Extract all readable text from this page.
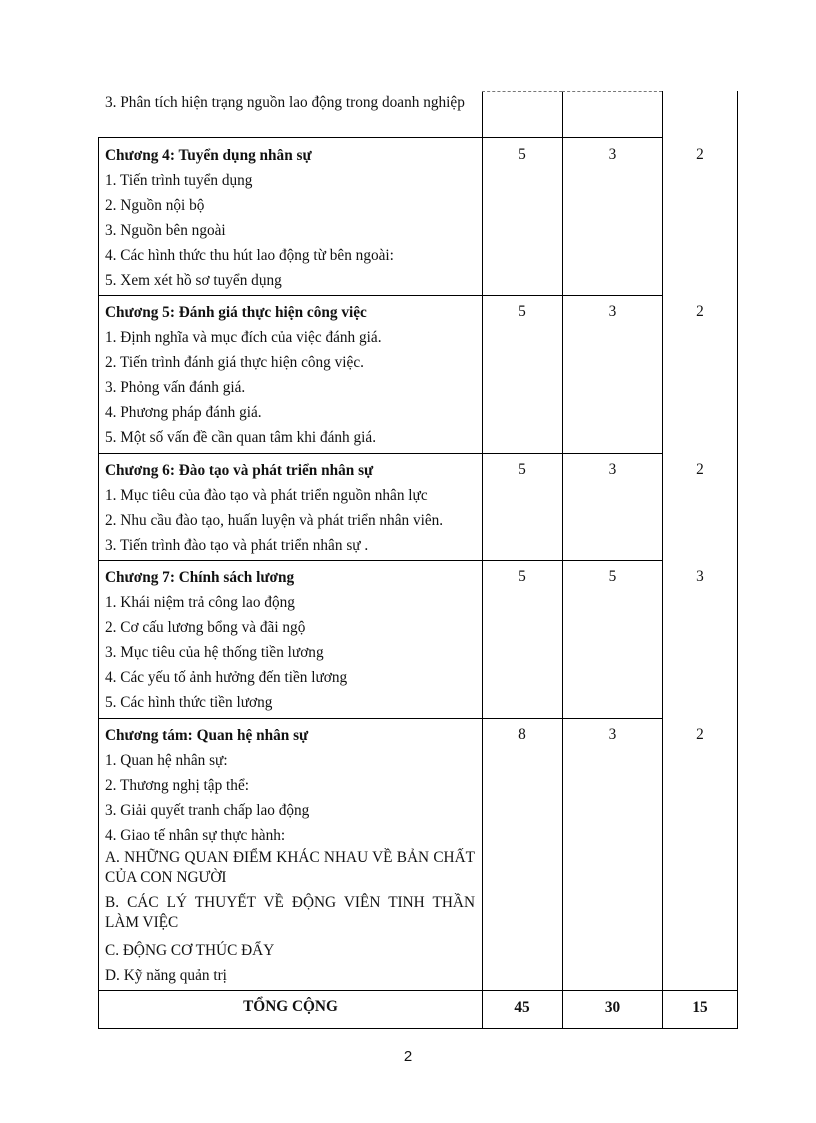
3. Phân tích hiện trạng nguồn lao động trong doanh nghiệp
Chương 4: Tuyển dụng nhân sự
1. Tiến trình tuyển dụng
2. Nguồn nội bộ
3. Nguồn bên ngoài
4. Các hình thức thu hút lao động từ bên ngoài:
5. Xem xét hồ sơ tuyển dụng
5	3	2
Chương 5: Đánh giá thực hiện công việc
1. Định nghĩa và mục đích của việc đánh giá.
2. Tiến trình đánh giá thực hiện công việc.
3. Phỏng vấn đánh giá.
4. Phương pháp đánh giá.
5. Một số vấn đề cần quan tâm khi đánh giá.
5	3	2
Chương 6: Đào tạo và phát triển nhân sự
1. Mục tiêu của đào tạo và phát triển nguồn nhân lực
2. Nhu cầu đào tạo, huấn luyện và phát triển nhân viên.
3. Tiến trình đào tạo và phát triển nhân sự .
5	3	2
Chương 7: Chính sách lương
1. Khái niệm trả công lao động
2. Cơ cấu lương bổng và đãi ngộ
3. Mục tiêu của hệ thống tiền lương
4. Các yếu tố ảnh hưởng đến tiền lương
5. Các hình thức tiền lương
5	5	3
Chương tám: Quan hệ nhân sự
1. Quan hệ nhân sự:
2. Thương nghị tập thể:
3. Giải quyết tranh chấp lao động
4. Giao tế nhân sự thực hành:
A. NHỮNG QUAN ĐIỂM KHÁC NHAU VỀ BẢN CHẤT CỦA CON NGƯỜI
B. CÁC LÝ THUYẾT VỀ ĐỘNG VIÊN TINH THẦN LÀM VIỆC
C. ĐỘNG CƠ THÚC ĐẨY
D. Kỹ năng quản trị
8	3	2
TỔNG CỘNG	45	30	15
2
